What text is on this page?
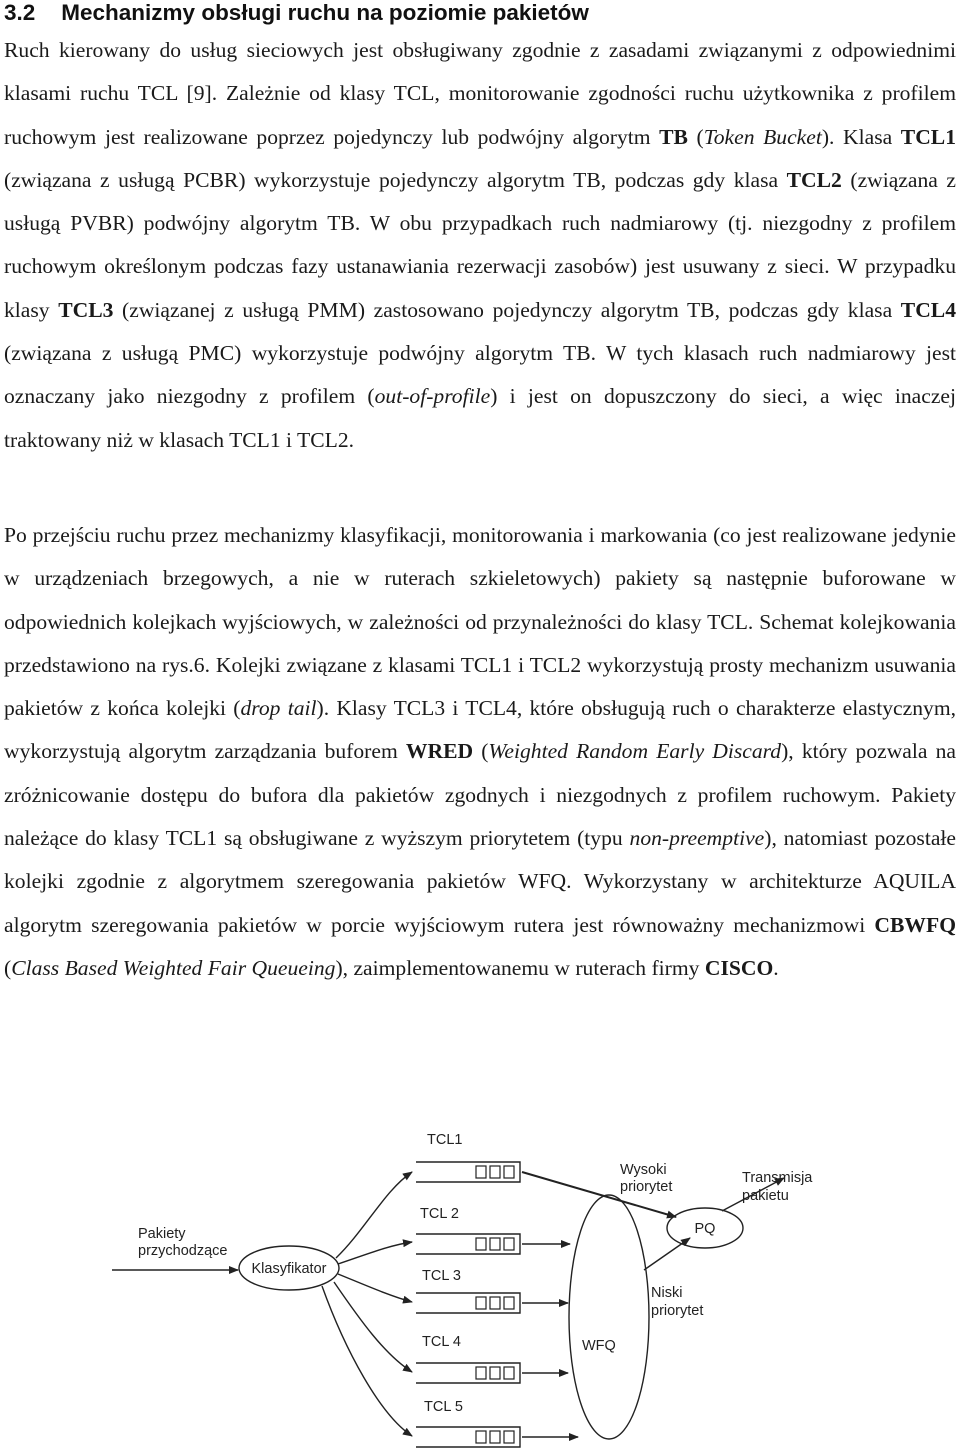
3.2 Mechanizmy obsługi ruchu na poziomie pakietów

Ruch kierowany do usług sieciowych jest obsługiwany zgodnie z zasadami związanymi z odpowiednimi klasami ruchu TCL [9]. Zależnie od klasy TCL, monitorowanie zgodności ruchu użytkownika z profilem ruchowym jest realizowane poprzez pojedynczy lub podwójny algorytm TB (Token Bucket). Klasa TCL1 (związana z usługą PCBR) wykorzystuje pojedynczy algorytm TB, podczas gdy klasa TCL2 (związana z usługą PVBR) podwójny algorytm TB. W obu przypadkach ruch nadmiarowy (tj. niezgodny z profilem ruchowym określonym podczas fazy ustanawiania rezerwacji zasobów) jest usuwany z sieci. W przypadku klasy TCL3 (związanej z usługą PMM) zastosowano pojedynczy algorytm TB, podczas gdy klasa TCL4 (związana z usługą PMC) wykorzystuje podwójny algorytm TB. W tych klasach ruch nadmiarowy jest oznaczany jako niezgodny z profilem (out-of-profile) i jest on dopuszczony do sieci, a więc inaczej traktowany niż w klasach TCL1 i TCL2.

Po przejściu ruchu przez mechanizmy klasyfikacji, monitorowania i markowania (co jest realizowane jedynie w urządzeniach brzegowych, a nie w ruterach szkieletowych) pakiety są następnie buforowane w odpowiednich kolejkach wyjściowych, w zależności od przynależności do klasy TCL. Schemat kolejkowania przedstawiono na rys.6. Kolejki związane z klasami TCL1 i TCL2 wykorzystują prosty mechanizm usuwania pakietów z końca kolejki (drop tail). Klasy TCL3 i TCL4, które obsługują ruch o charakterze elastycznym, wykorzystują algorytm zarządzania buforem WRED (Weighted Random Early Discard), który pozwala na zróżnicowanie dostępu do bufora dla pakietów zgodnych i niezgodnych z profilem ruchowym. Pakiety należące do klasy TCL1 są obsługiwane z wyższym priorytetem (typu non-preemptive), natomiast pozostałe kolejki zgodnie z algorytmem szeregowania pakietów WFQ. Wykorzystany w architekturze AQUILA algorytm szeregowania pakietów w porcie wyjściowym rutera jest równoważny mechanizmowi CBWFQ (Class Based Weighted Fair Queueing), zaimplementowanemu w ruterach firmy CISCO.

Pakiety
przychodzące
Klasyfikator
TCL1
TCL 2
TCL 3
TCL 4
TCL 5
Wysoki
priorytet
WFQ
Niski
priorytet
PQ
Transmisja
pakietu
